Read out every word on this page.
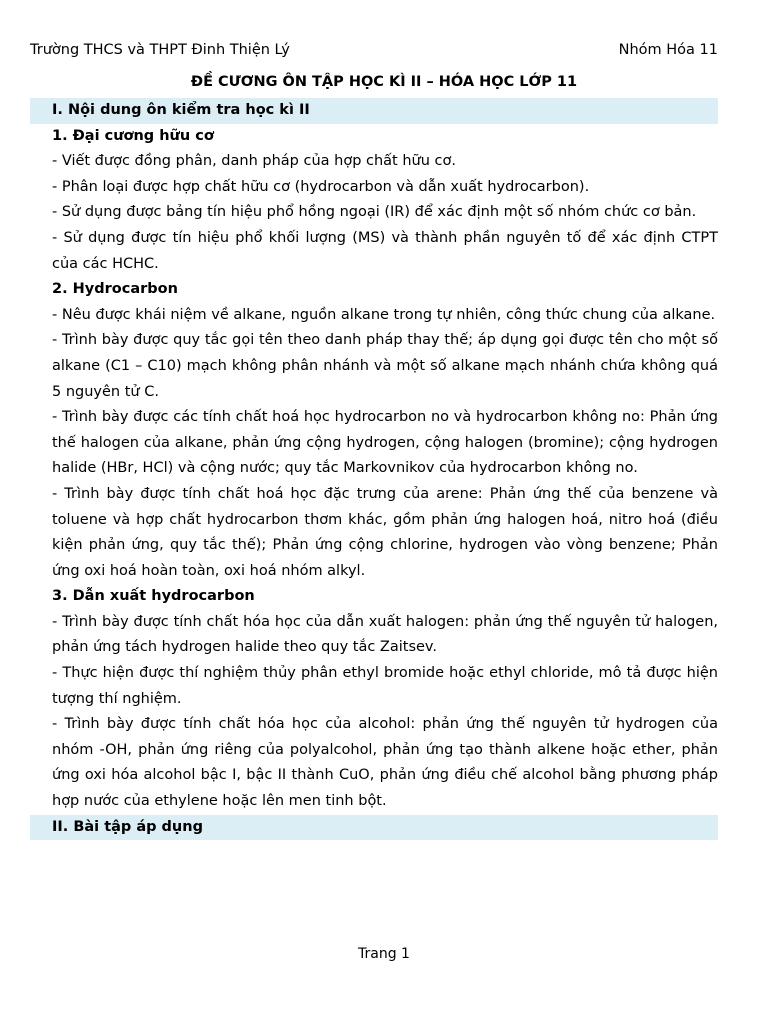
Trường THCS và THPT Đinh Thiện Lý	Nhóm Hóa 11
ĐỀ CƯƠNG ÔN TẬP HỌC KÌ II – HÓA HỌC LỚP 11
I. Nội dung ôn kiểm tra học kì II
1. Đại cương hữu cơ

- Viết được đồng phân, danh pháp của hợp chất hữu cơ.

- Phân loại được hợp chất hữu cơ (hydrocarbon và dẫn xuất hydrocarbon).

- Sử dụng được bảng tín hiệu phổ hồng ngoại (IR) để xác định một số nhóm chức cơ bản.

- Sử dụng được tín hiệu phổ khối lượng (MS) và thành phần nguyên tố để xác định CTPT của các HCHC.

2. Hydrocarbon

- Nêu được khái niệm về alkane, nguồn alkane trong tự nhiên, công thức chung của alkane.

- Trình bày được quy tắc gọi tên theo danh pháp thay thế; áp dụng gọi được tên cho một số alkane (C1 – C10) mạch không phân nhánh và một số alkane mạch nhánh chứa không quá 5 nguyên tử C.

- Trình bày được các tính chất hoá học hydrocarbon no và hydrocarbon không no: Phản ứng thế halogen của alkane, phản ứng cộng hydrogen, cộng halogen (bromine); cộng hydrogen halide (HBr, HCl) và cộng nước; quy tắc Markovnikov của hydrocarbon không no.

- Trình bày được tính chất hoá học đặc trưng của arene: Phản ứng thế của benzene và toluene và hợp chất hydrocarbon thơm khác, gồm phản ứng halogen hoá, nitro hoá (điều kiện phản ứng, quy tắc thế); Phản ứng cộng chlorine, hydrogen vào vòng benzene; Phản ứng oxi hoá hoàn toàn, oxi hoá nhóm alkyl.

3. Dẫn xuất hydrocarbon

- Trình bày được tính chất hóa học của dẫn xuất halogen: phản ứng thế nguyên tử halogen, phản ứng tách hydrogen halide theo quy tắc Zaitsev.

- Thực hiện được thí nghiệm thủy phân ethyl bromide hoặc ethyl chloride, mô tả được hiện tượng thí nghiệm.

- Trình bày được tính chất hóa học của alcohol: phản ứng thế nguyên tử hydrogen của nhóm -OH, phản ứng riêng của polyalcohol, phản ứng tạo thành alkene hoặc ether, phản ứng oxi hóa alcohol bậc I, bậc II thành CuO, phản ứng điều chế alcohol bằng phương pháp hợp nước của ethylene hoặc lên men tinh bột.

II. Bài tập áp dụng
Trang 1
